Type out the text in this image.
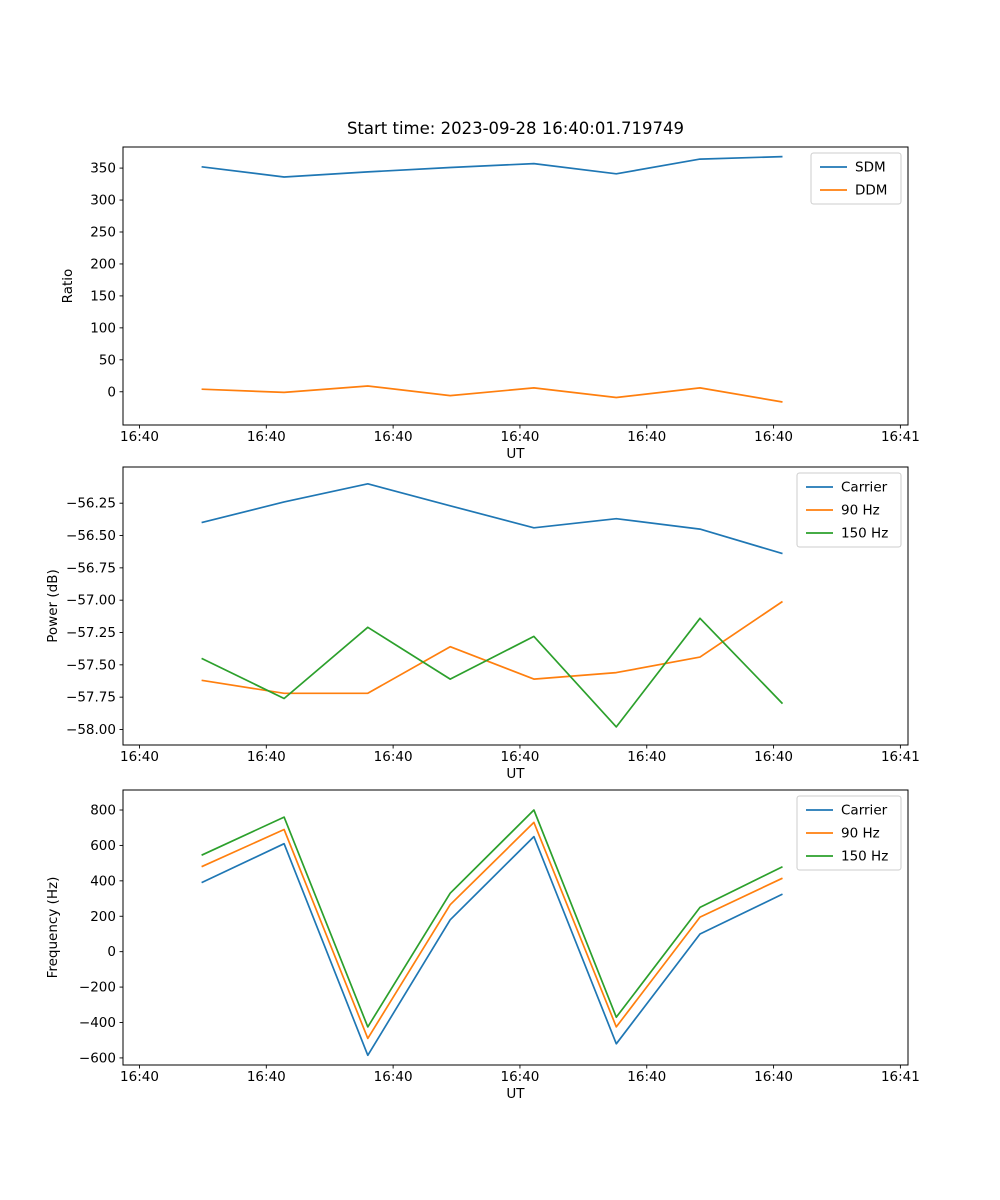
Start time: 2023-09-28 16:40:01.719749
16:40	16:40	16:40	16:40	16:40	16:40	16:41
UT
0
50
100
150
200
250
300
350
Ratio
SDM
DDM
16:40	16:40	16:40	16:40	16:40	16:40	16:41
UT
−58.00
−57.75
−57.50
−57.25
−57.00
−56.75
−56.50
−56.25
Power (dB)
Carrier
90 Hz
150 Hz
16:40	16:40	16:40	16:40	16:40	16:40	16:41
UT
−600
−400
−200
0
200
400
600
800
Frequency (Hz)
Carrier
90 Hz
150 Hz
